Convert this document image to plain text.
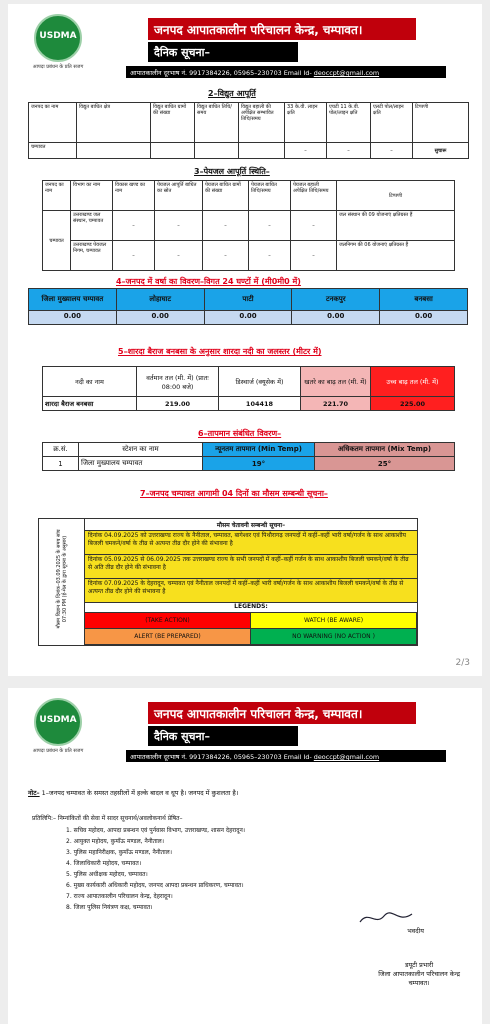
USDMA
आपदा प्रबंधन के प्रति सजग
जनपद आपातकालीन परिचालन केन्द्र, चम्पावत।
दैनिक सूचना–
आपातकालीन दूरभाष नं. 9917384226, 05965–230703 Email Id- deoccpt@gmail.com
2–विद्युत आपूर्ति
जनपद का नाम	विद्युत बाधित क्षेत्र	विद्युत बाधित ग्रामों की संख्या	विद्युत बाधित तिथि/समय	विद्युत बहाली की अपेक्षित सम्भावित तिथि/समय	33 के.वी. लाइन क्षति	एचटी 11 के.वी. पोल/लाइन क्षति	एलटी पोल/लाइन क्षति	टिप्पणी
चम्पावत					–	–	–	सुचारू
3–पेयजल आपूर्ति स्थिति–
जनपद का नाम	विभाग का नाम	विकास खण्ड का नाम	पेयजल आपूर्ति बाधित का स्रोत	पेयजल बाधित ग्रामों की संख्या	पेयजल बाधित तिथि/समय	पेयजल बहाली अपेक्षित तिथि/समय	टिप्पणी
चम्पावत	उत्तराखण्ड जल संस्थान, चम्पावत	–	–	–	–	–	जल संस्थान की 09 योजनाएं क्षतिग्रस्त हैं
	उत्तराखण्ड पेयजल निगम, चम्पावत	–	–	–	–	–	जलनिगम की 06 योजनाएं क्षतिग्रस्त हैं
4–जनपद में वर्षा का विवरण–विगत 24 घण्टों में (मी0मी0 में)
जिला मुख्यालय चम्पावत	लोहाघाट	पाटी	टनकपुर	बनबसा
0.00	0.00	0.00	0.00	0.00
5–शारदा बैराज बनबसा के अनुसार शारदा नदी का जलस्तर (मीटर में)
नदी का नाम	वर्तमान तल (मी. में) (प्रातः 08:00 बजे)	डिस्चार्ज (क्यूसेक में)	खतरे का बाढ़ तल (मी. में)	उच्च बाढ़ तल (मी. में)
शारदा बैराज बनबसा	219.00	104418	221.70	225.00
6–तापमान संबंधित विवरण–
क्र.सं.	स्टेशन का नाम	न्यूनतम तापमान (Min Temp)	अधिकतम तापमान (Mix Temp)
1	जिला मुख्यालय चम्पावत	19°	25°
7–जनपद चम्पावत आगामी 04 दिनों का मौसम सम्बन्धी सूचना–
मौसम विज्ञान के दिनांक–03.09.2025 के समय सांय 07:30 PM (ई-मेल के द्वारा सूचना के अनुसार)
मौसम चेतावनी सम्बन्धी सूचना–
दिनांक 04.09.2025 को उत्तराखण्ड राज्य के नैनीताल, चम्पावत, बागेश्वर एवं पिथौरागढ़ जनपदों में कहीं–कहीं भारी वर्षा/गर्जन के साथ आकाशीय बिजली चमकने/वर्षा के तीव्र से अत्यन्त तीव्र दौर होने की संभावना है
दिनांक 05.09.2025 से 06.09.2025 तक उत्तराखण्ड राज्य के सभी जनपदों में कहीं–कहीं गर्जन के साथ आकाशीय बिजली चमकने/वर्षा के तीव्र से अति तीव्र दौर होने की संभावना है
दिनांक 07.09.2025 के देहरादून, चम्पावत एवं नैनीताल जनपदों में कहीं–कहीं भारी वर्षा/गर्जन के साथ आकाशीय बिजली चमकने/वर्षा के तीव्र से अत्यन्त तीव्र दौर होने की संभावना है
LEGENDS:
(TAKE ACTION)	WATCH (BE AWARE)
ALERT (BE PREPARED)	NO WARNING (NO ACTION )
2/3
USDMA
आपदा प्रबंधन के प्रति सजग
जनपद आपातकालीन परिचालन केन्द्र, चम्पावत।
दैनिक सूचना–
आपातकालीन दूरभाष नं. 9917384226, 05965–230703 Email Id- deoccpt@gmail.com
नोट– 1–जनपद चम्पावत के समस्त तहसीलों में हल्के बादल व धूप है। जनपद में कुशलता है।
प्रतिलिपि:– निम्नांकितों की सेवा में सादर सूचनार्थ/अवलोकनार्थ प्रेषित–
1. सचिव महोदय, आपदा प्रबन्धन एवं पुर्नवास विभाग, उत्तराखण्ड, शासन देहरादून।
2. आयुक्त महोदय, कुमाँऊ मण्डल, नैनीताल।
3. पुलिस महानिरीक्षक, कुमाँऊ मण्डल, नैनीताल।
4. जिलाधिकारी महोदय, चम्पावत।
5. पुलिस अधीक्षक महोदय, चम्पावत।
6. मुख्य कार्यकारी अधिकारी महोदय, जनपद आपदा प्रबन्धन प्राधिकरण, चम्पावत।
7. राज्य आपातकालीन परिचालन केन्द्र, देहरादून।
8. जिला पुलिस नियंत्रण कक्ष, चम्पावत।
भवदीय
डयूटी प्रभारी
जिला आपातकालीन परिचालन केन्द्र
चम्पावत।
